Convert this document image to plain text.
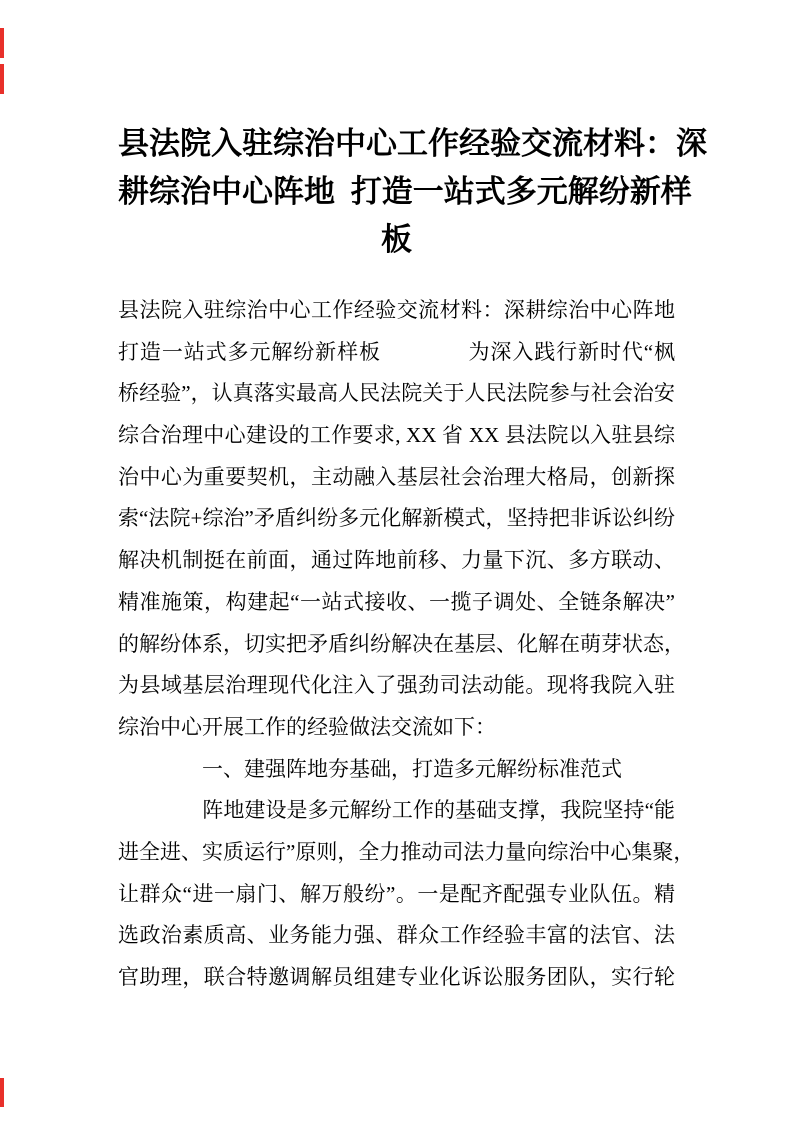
县法院入驻综治中心工作经验交流材料：深
耕综治中心阵地 打造一站式多元解纷新样
板
县法院入驻综治中心工作经验交流材料：深耕综治中心阵地
打造一站式多元解纷新样板　　　　为深入践行新时代“枫
桥经验”，认真落实最高人民法院关于人民法院参与社会治安
综合治理中心建设的工作要求, XX 省 XX 县法院以入驻县综
治中心为重要契机，主动融入基层社会治理大格局，创新探
索“法院+综治”矛盾纠纷多元化解新模式，坚持把非诉讼纠纷
解决机制挺在前面，通过阵地前移、力量下沉、多方联动、
精准施策，构建起“一站式接收、一揽子调处、全链条解决”
的解纷体系，切实把矛盾纠纷解决在基层、化解在萌芽状态，
为县域基层治理现代化注入了强劲司法动能。现将我院入驻
综治中心开展工作的经验做法交流如下：
　　　　一、建强阵地夯基础，打造多元解纷标准范式
　　　　阵地建设是多元解纷工作的基础支撑，我院坚持“能
进全进、实质运行”原则，全力推动司法力量向综治中心集聚，
让群众“进一扇门、解万般纷”。一是配齐配强专业队伍。精
选政治素质高、业务能力强、群众工作经验丰富的法官、法
官助理，联合特邀调解员组建专业化诉讼服务团队，实行轮
